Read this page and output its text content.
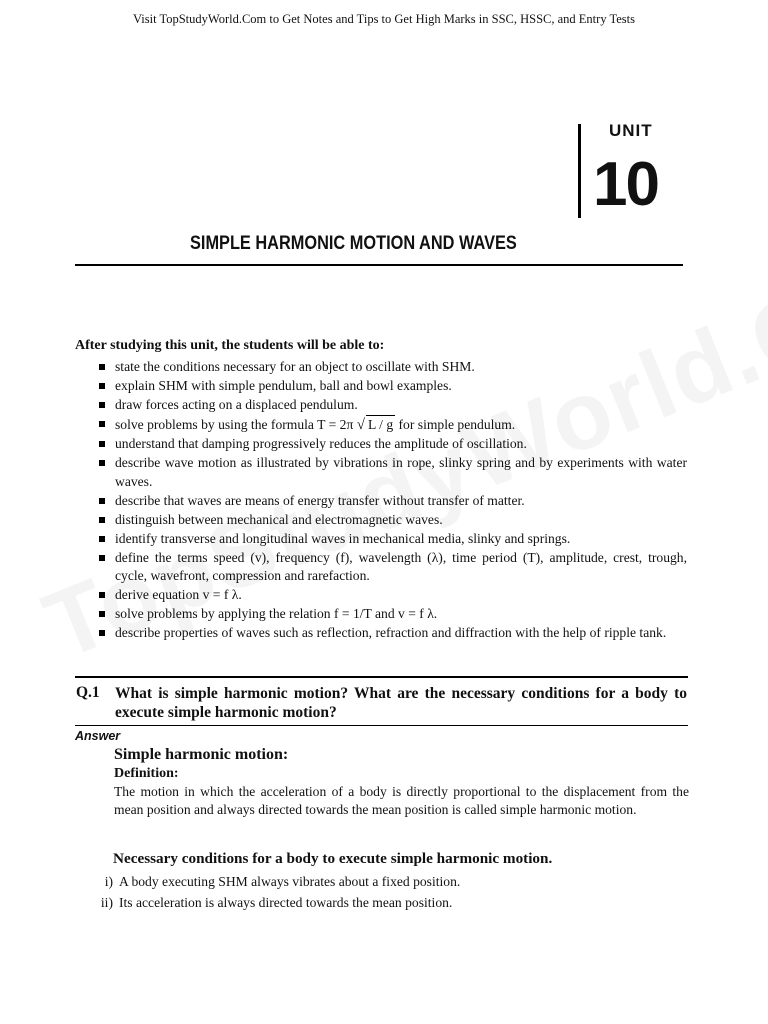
Visit TopStudyWorld.Com to Get Notes and Tips to Get High Marks in SSC, HSSC, and Entry Tests
UNIT
10
SIMPLE HARMONIC MOTION AND WAVES
After studying this unit, the students will be able to:
state the conditions necessary for an object to oscillate with SHM.
explain SHM with simple pendulum, ball and bowl examples.
draw forces acting on a displaced pendulum.
solve problems by using the formula T = 2π √ L / g for simple pendulum.
understand that damping progressively reduces the amplitude of oscillation.
describe wave motion as illustrated by vibrations in rope, slinky spring and by experiments with water waves.
describe that waves are means of energy transfer without transfer of matter.
distinguish between mechanical and electromagnetic waves.
identify transverse and longitudinal waves in mechanical media, slinky and springs.
define the terms speed (v), frequency (f), wavelength (λ), time period (T), amplitude, crest, trough, cycle, wavefront, compression and rarefaction.
derive equation v = f λ.
solve problems by applying the relation f = 1/T and v = f λ.
describe properties of waves such as reflection, refraction and diffraction with the help of ripple tank.
Q.1 What is simple harmonic motion? What are the necessary conditions for a body to execute simple harmonic motion?
Answer
Simple harmonic motion:
Definition:
The motion in which the acceleration of a body is directly proportional to the displacement from the mean position and always directed towards the mean position is called simple harmonic motion.
Necessary conditions for a body to execute simple harmonic motion.
i) A body executing SHM always vibrates about a fixed position.
ii) Its acceleration is always directed towards the mean position.
